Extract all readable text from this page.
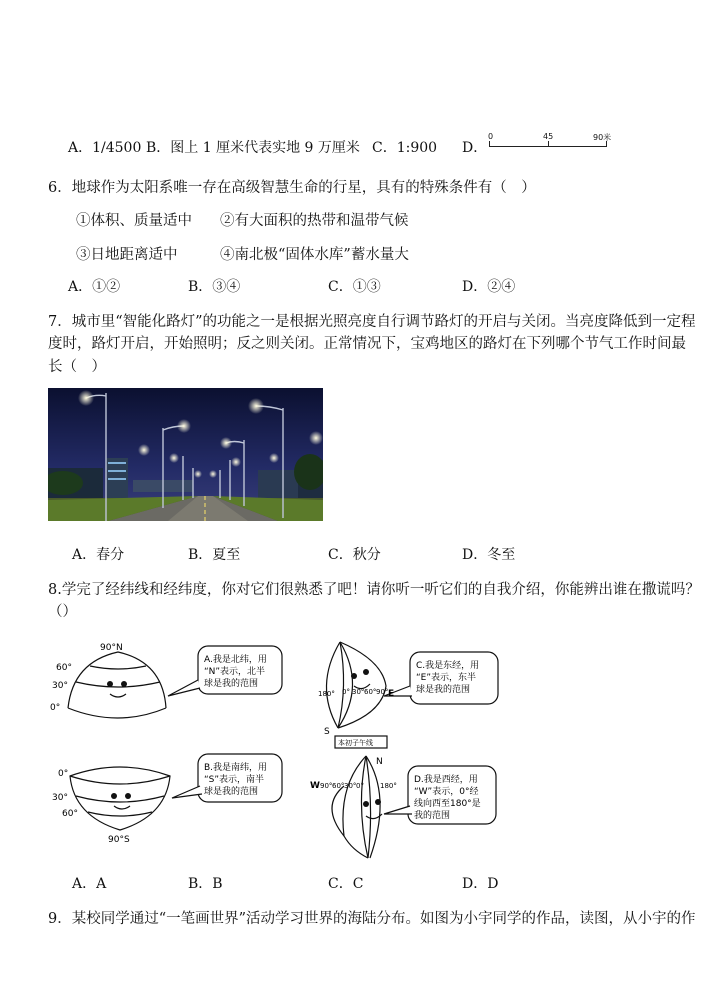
A．1/4500 B．图上 1 厘米代表实地 9 万厘米 C．1:900 D．
0	45	90米
6．地球作为太阳系唯一存在高级智慧生命的行星，具有的特殊条件有（　）
①体积、质量适中 ②有大面积的热带和温带气候
③日地距离适中	④南北极“固体水库”蓄水量大
A．①②	B．③④	C．①③	D．②④
7．城市里“智能化路灯”的功能之一是根据光照亮度自行调节路灯的开启与关闭。当亮度降低到一定程
度时，路灯开启，开始照明；反之则关闭。正常情况下，宝鸡地区的路灯在下列哪个节气工作时间最
长（　）
A．春分	B．夏至	C．秋分	D．冬至
8.学完了经纬线和经纬度，你对它们很熟悉了吧！请你听一听它们的自我介绍，你能辨出谁在撒谎吗？
（）
90°N
60°
30°
0°
A.我是北纬，用
“N”表示，北半
球是我的范围
0°
30°
60°
90°S
B.我是南纬，用
“S”表示，南半
球是我的范围
180° 0° 30° 60° 90° E
S
本初子午线
C.我是东经，用
“E”表示，东半
球是我的范围
N
W 90° 60° 30° 0° 180°
D.我是西经，用
“W”表示，0°经
线向西至180°是
我的范围
A．A	B．B	C．C	D．D
9．某校同学通过“一笔画世界”活动学习世界的海陆分布。如图为小宇同学的作品，读图，从小宇的作
